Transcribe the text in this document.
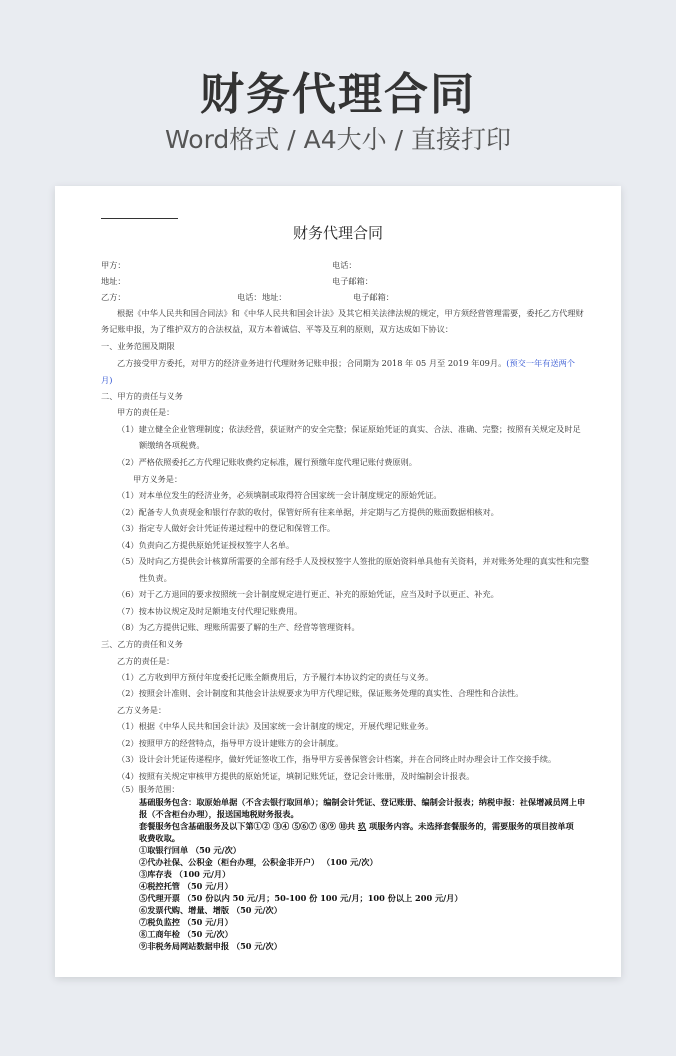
财务代理合同
Word格式 / A4大小 / 直接打印
财务代理合同
甲方：	电话：
地址：	电子邮箱：
乙方：	电话： 地址：	电子邮箱：
根据《中华人民共和国合同法》和《中华人民共和国会计法》及其它相关法律法规的规定，甲方须经营管理需要，委托乙方代理财
务记账申报，为了维护双方的合法权益，双方本着诚信、平等及互利的原则，双方达成如下协议：
一、业务范围及期限
乙方接受甲方委托，对甲方的经济业务进行代理财务记账申报；合同期为 2018 年 05 月至 2019 年09月。(预交一年有送两个
月)
二、甲方的责任与义务
甲方的责任是：
（1）建立健全企业管理制度；依法经营，获证财产的安全完整；保证原始凭证的真实、合法、准确、完整；按照有关规定及时足
额缴纳各项税费。
（2）严格依照委托乙方代理记账收费约定标准，履行预缴年度代理记账付费原则。
甲方义务是：
（1）对本单位发生的经济业务，必须填制或取得符合国家统一会计制度规定的原始凭证。
（2）配备专人负责现金和银行存款的收付，保管好所有往来单据，并定期与乙方提供的账面数据相核对。
（3）指定专人做好会计凭证传递过程中的登记和保管工作。
（4）负责向乙方提供原始凭证授权签字人名单。
（5）及时向乙方提供会计核算所需要的全部有经手人及授权签字人签批的原始资料单具他有关资料，并对账务处理的真实性和完整
性负责。
（6）对于乙方退回的要求按照统一会计制度规定进行更正、补充的原始凭证，应当及时予以更正、补充。
（7）按本协议规定及时足额地支付代理记账费用。
（8）为乙方提供记账、理账所需要了解的生产、经营等管理资料。
三、乙方的责任和义务
乙方的责任是：
（1）乙方收到甲方预付年度委托记账全额费用后，方予履行本协议约定的责任与义务。
（2）按照会计准则、会计制度和其他会计法规要求为甲方代理记账，保证账务处理的真实性、合理性和合法性。
乙方义务是：
（1）根据《中华人民共和国会计法》及国家统一会计制度的规定，开展代理记账业务。
（2）按照甲方的经营特点，指导甲方设计建账方的会计制度。
（3）设计会计凭证传递程序，做好凭证签收工作，指导甲方妥善保管会计档案，并在合同终止时办理会计工作交接手续。
（4）按照有关规定审核甲方提供的原始凭证，填制记账凭证，登记会计账册，及时编制会计报表。
（5）服务范围：
基础服务包含：取原始单据（不含去银行取回单）；编制会计凭证、登记账册、编制会计报表；纳税申报：社保增减员网上申
报（不含柜台办理），报送国地税财务报表。
套餐服务包含基础服务及以下第①② ③④ ⑤⑥⑦ ⑧⑨ ⑩共 玖 项服务内容。未选择套餐服务的，需要服务的项目按单项
收费收取。
①取银行回单 （50 元/次）
②代办社保、公积金（柜台办理，公积金非开户） （100 元/次）
③库存表 （100 元/月）
④税控托管 （50 元/月）
⑤代理开票 （50 份以内 50 元/月；50-100 份 100 元/月；100 份以上 200 元/月）
⑥发票代购、增量、增版 （50 元/次）
⑦税负监控 （50 元/月）
⑧工商年检 （50 元/次）
⑨非税务局网站数据申报 （50 元/次）
